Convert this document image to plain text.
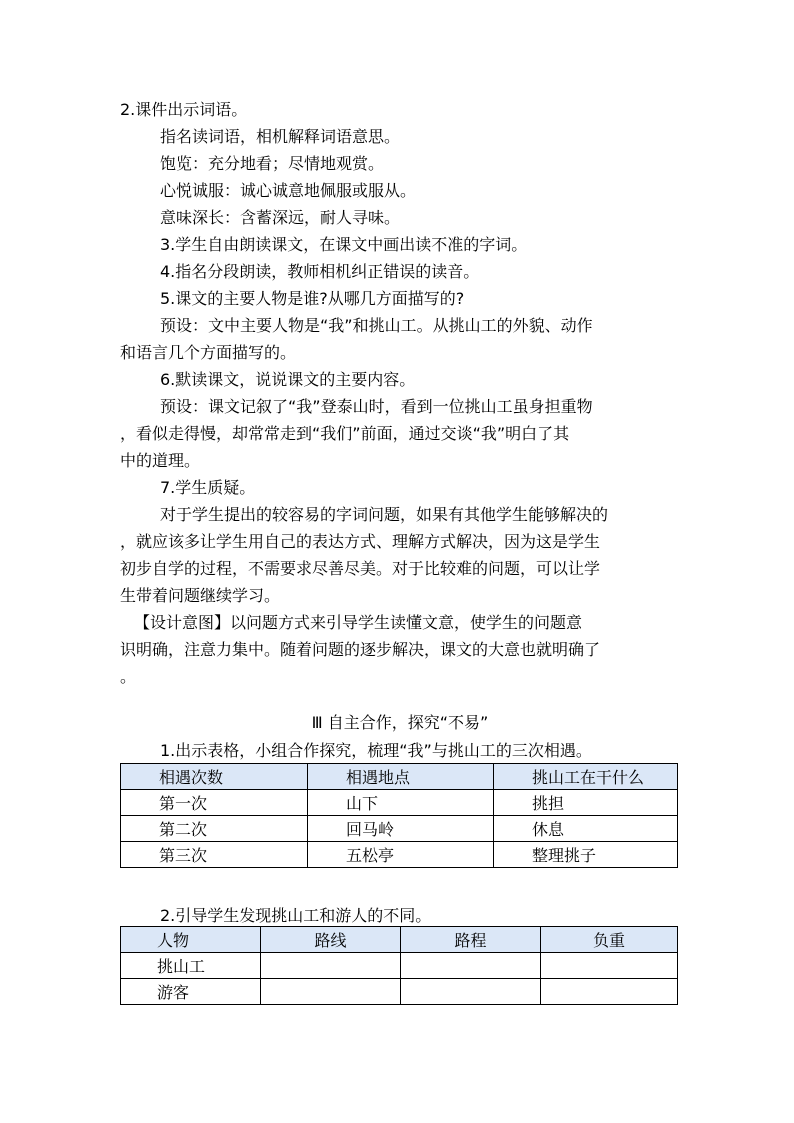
2.课件出示词语。
指名读词语，相机解释词语意思。
饱览：充分地看；尽情地观赏。
心悦诚服：诚心诚意地佩服或服从。
意味深长：含蓄深远，耐人寻味。
3.学生自由朗读课文，在课文中画出读不准的字词。
4.指名分段朗读，教师相机纠正错误的读音。
5.课文的主要人物是谁?从哪几方面描写的?
预设：文中主要人物是“我”和挑山工。从挑山工的外貌、动作
和语言几个方面描写的。
6.默读课文，说说课文的主要内容。
预设：课文记叙了“我”登泰山时，看到一位挑山工虽身担重物
，看似走得慢，却常常走到“我们”前面，通过交谈“我”明白了其
中的道理。
7.学生质疑。
对于学生提出的较容易的字词问题，如果有其他学生能够解决的
，就应该多让学生用自己的表达方式、理解方式解决，因为这是学生
初步自学的过程，不需要求尽善尽美。对于比较难的问题，可以让学
生带着问题继续学习。
【设计意图】以问题方式来引导学生读懂文意，使学生的问题意
识明确，注意力集中。随着问题的逐步解决，课文的大意也就明确了
。
Ⅲ 自主合作，探究“不易”
1.出示表格，小组合作探究，梳理“我”与挑山工的三次相遇。
相遇次数	相遇地点	挑山工在干什么
第一次	山下	挑担
第二次	回马岭	休息
第三次	五松亭	整理挑子
2.引导学生发现挑山工和游人的不同。
人物	路线	路程	负重
挑山工			
游客			
